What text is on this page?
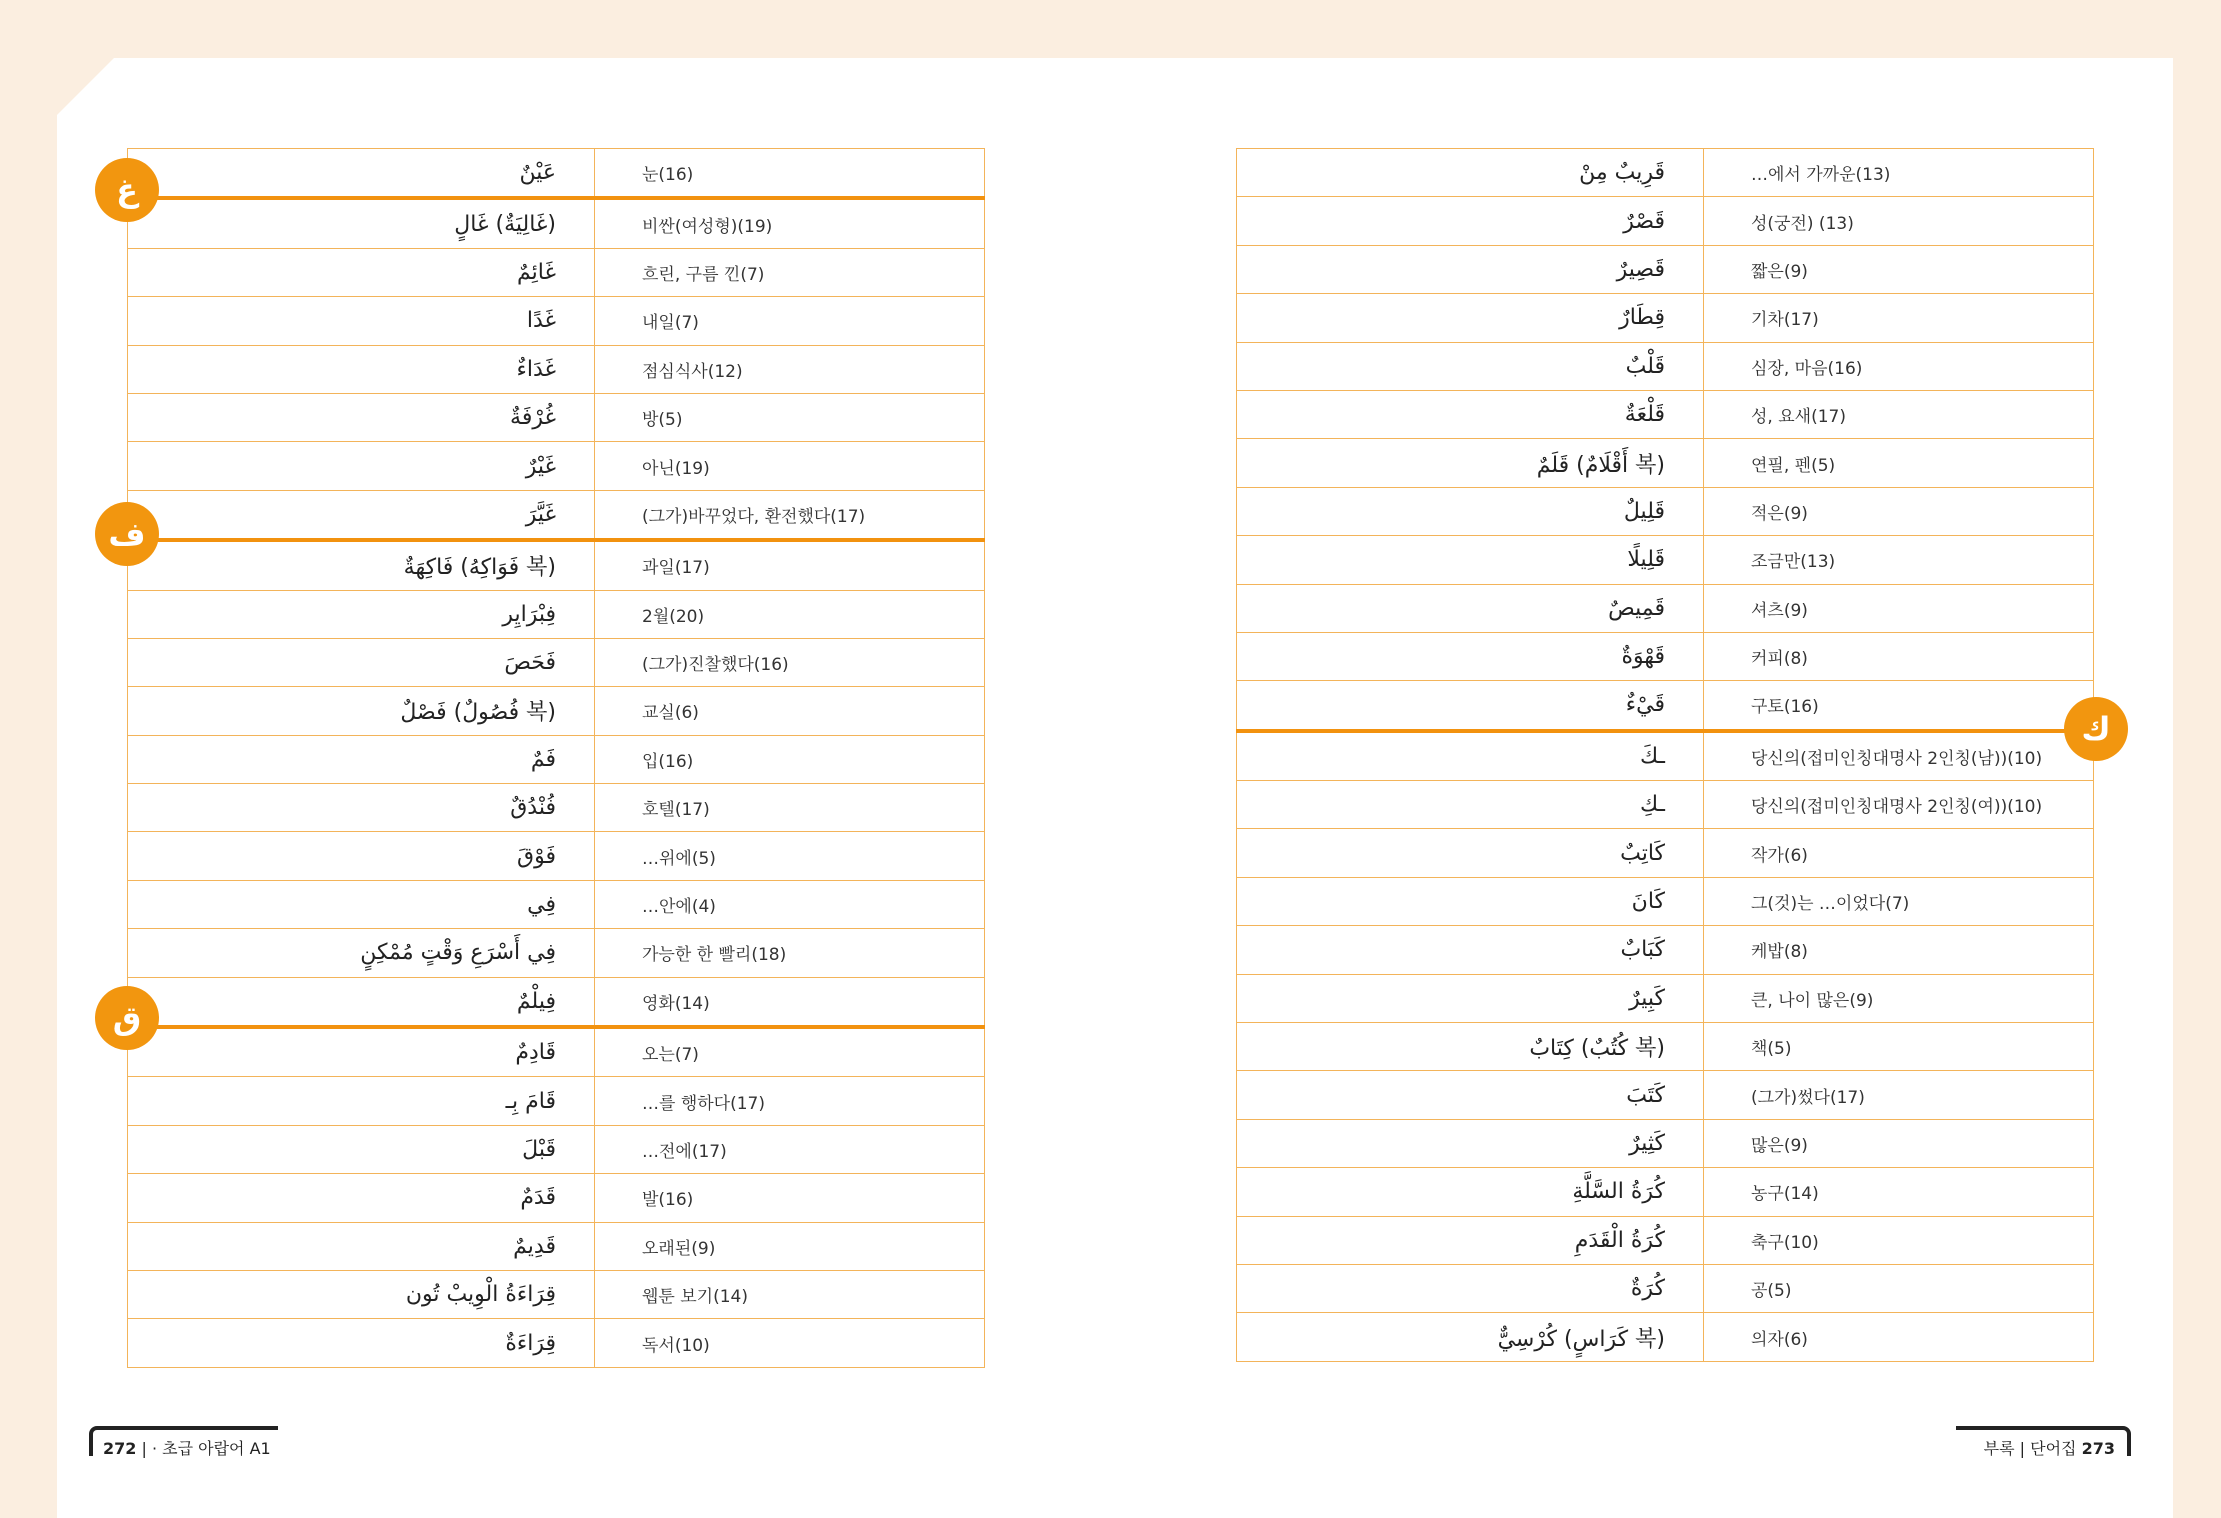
عَيْنٌ	눈(16)
(غَالِيَةٌ) غَالٍ	비싼(여성형)(19)
غَائِمٌ	흐린, 구름 낀(7)
غَدًا	내일(7)
غَدَاءٌ	점심식사(12)
غُرْفَةٌ	방(5)
غَيْرٌ	아닌(19)
غَيَّرَ	(그가)바꾸었다, 환전했다(17)
(복 فَوَاكِهُ) فَاكِهَةٌ	과일(17)
فِبْرَايِر	2월(20)
فَحَصَ	(그가)진찰했다(16)
(복 فُصُولٌ) فَصْلٌ	교실(6)
فَمٌ	입(16)
فُنْدُقٌ	호텔(17)
فَوْقَ	…위에(5)
فِي	…안에(4)
فِي أَسْرَعِ وَقْتٍ مُمْكِنٍ	가능한 한 빨리(18)
فِيلْمٌ	영화(14)
قَادِمٌ	오는(7)
قَامَ بِـ	…를 행하다(17)
قَبْلَ	…전에(17)
قَدَمٌ	발(16)
قَدِيمٌ	오래된(9)
قِرَاءَةُ الْوِيبْ تُون	웹툰 보기(14)
قِرَاءَةٌ	독서(10)
قَرِيبٌ مِنْ	…에서 가까운(13)
قَصْرٌ	성(궁전) (13)
قَصِيرٌ	짧은(9)
قِطَارٌ	기차(17)
قَلْبٌ	심장, 마음(16)
قَلْعَةٌ	성, 요새(17)
(복 أَقْلَامٌ) قَلَمٌ	연필, 펜(5)
قَلِيلٌ	적은(9)
قَلِيلًا	조금만(13)
قَمِيصٌ	셔츠(9)
قَهْوَةٌ	커피(8)
قَيْءٌ	구토(16)
ـكَ	당신의(접미인칭대명사 2인칭(남))(10)
ـكِ	당신의(접미인칭대명사 2인칭(여))(10)
كَاتِبٌ	작가(6)
كَانَ	그(것)는 …이었다(7)
كَبَابٌ	케밥(8)
كَبِيرٌ	큰, 나이 많은(9)
(복 كُتُبٌ) كِتَابٌ	책(5)
كَتَبَ	(그가)썼다(17)
كَثِيرٌ	많은(9)
كُرَةُ السَّلَّةِ	농구(14)
كُرَةُ الْقَدَمِ	축구(10)
كُرَةٌ	공(5)
(복 كَرَاسٍ) كُرْسِيٌّ	의자(6)
غ
ف
ق
ك
272 | · 초급 아랍어 A1	부록 | 단어집 273
